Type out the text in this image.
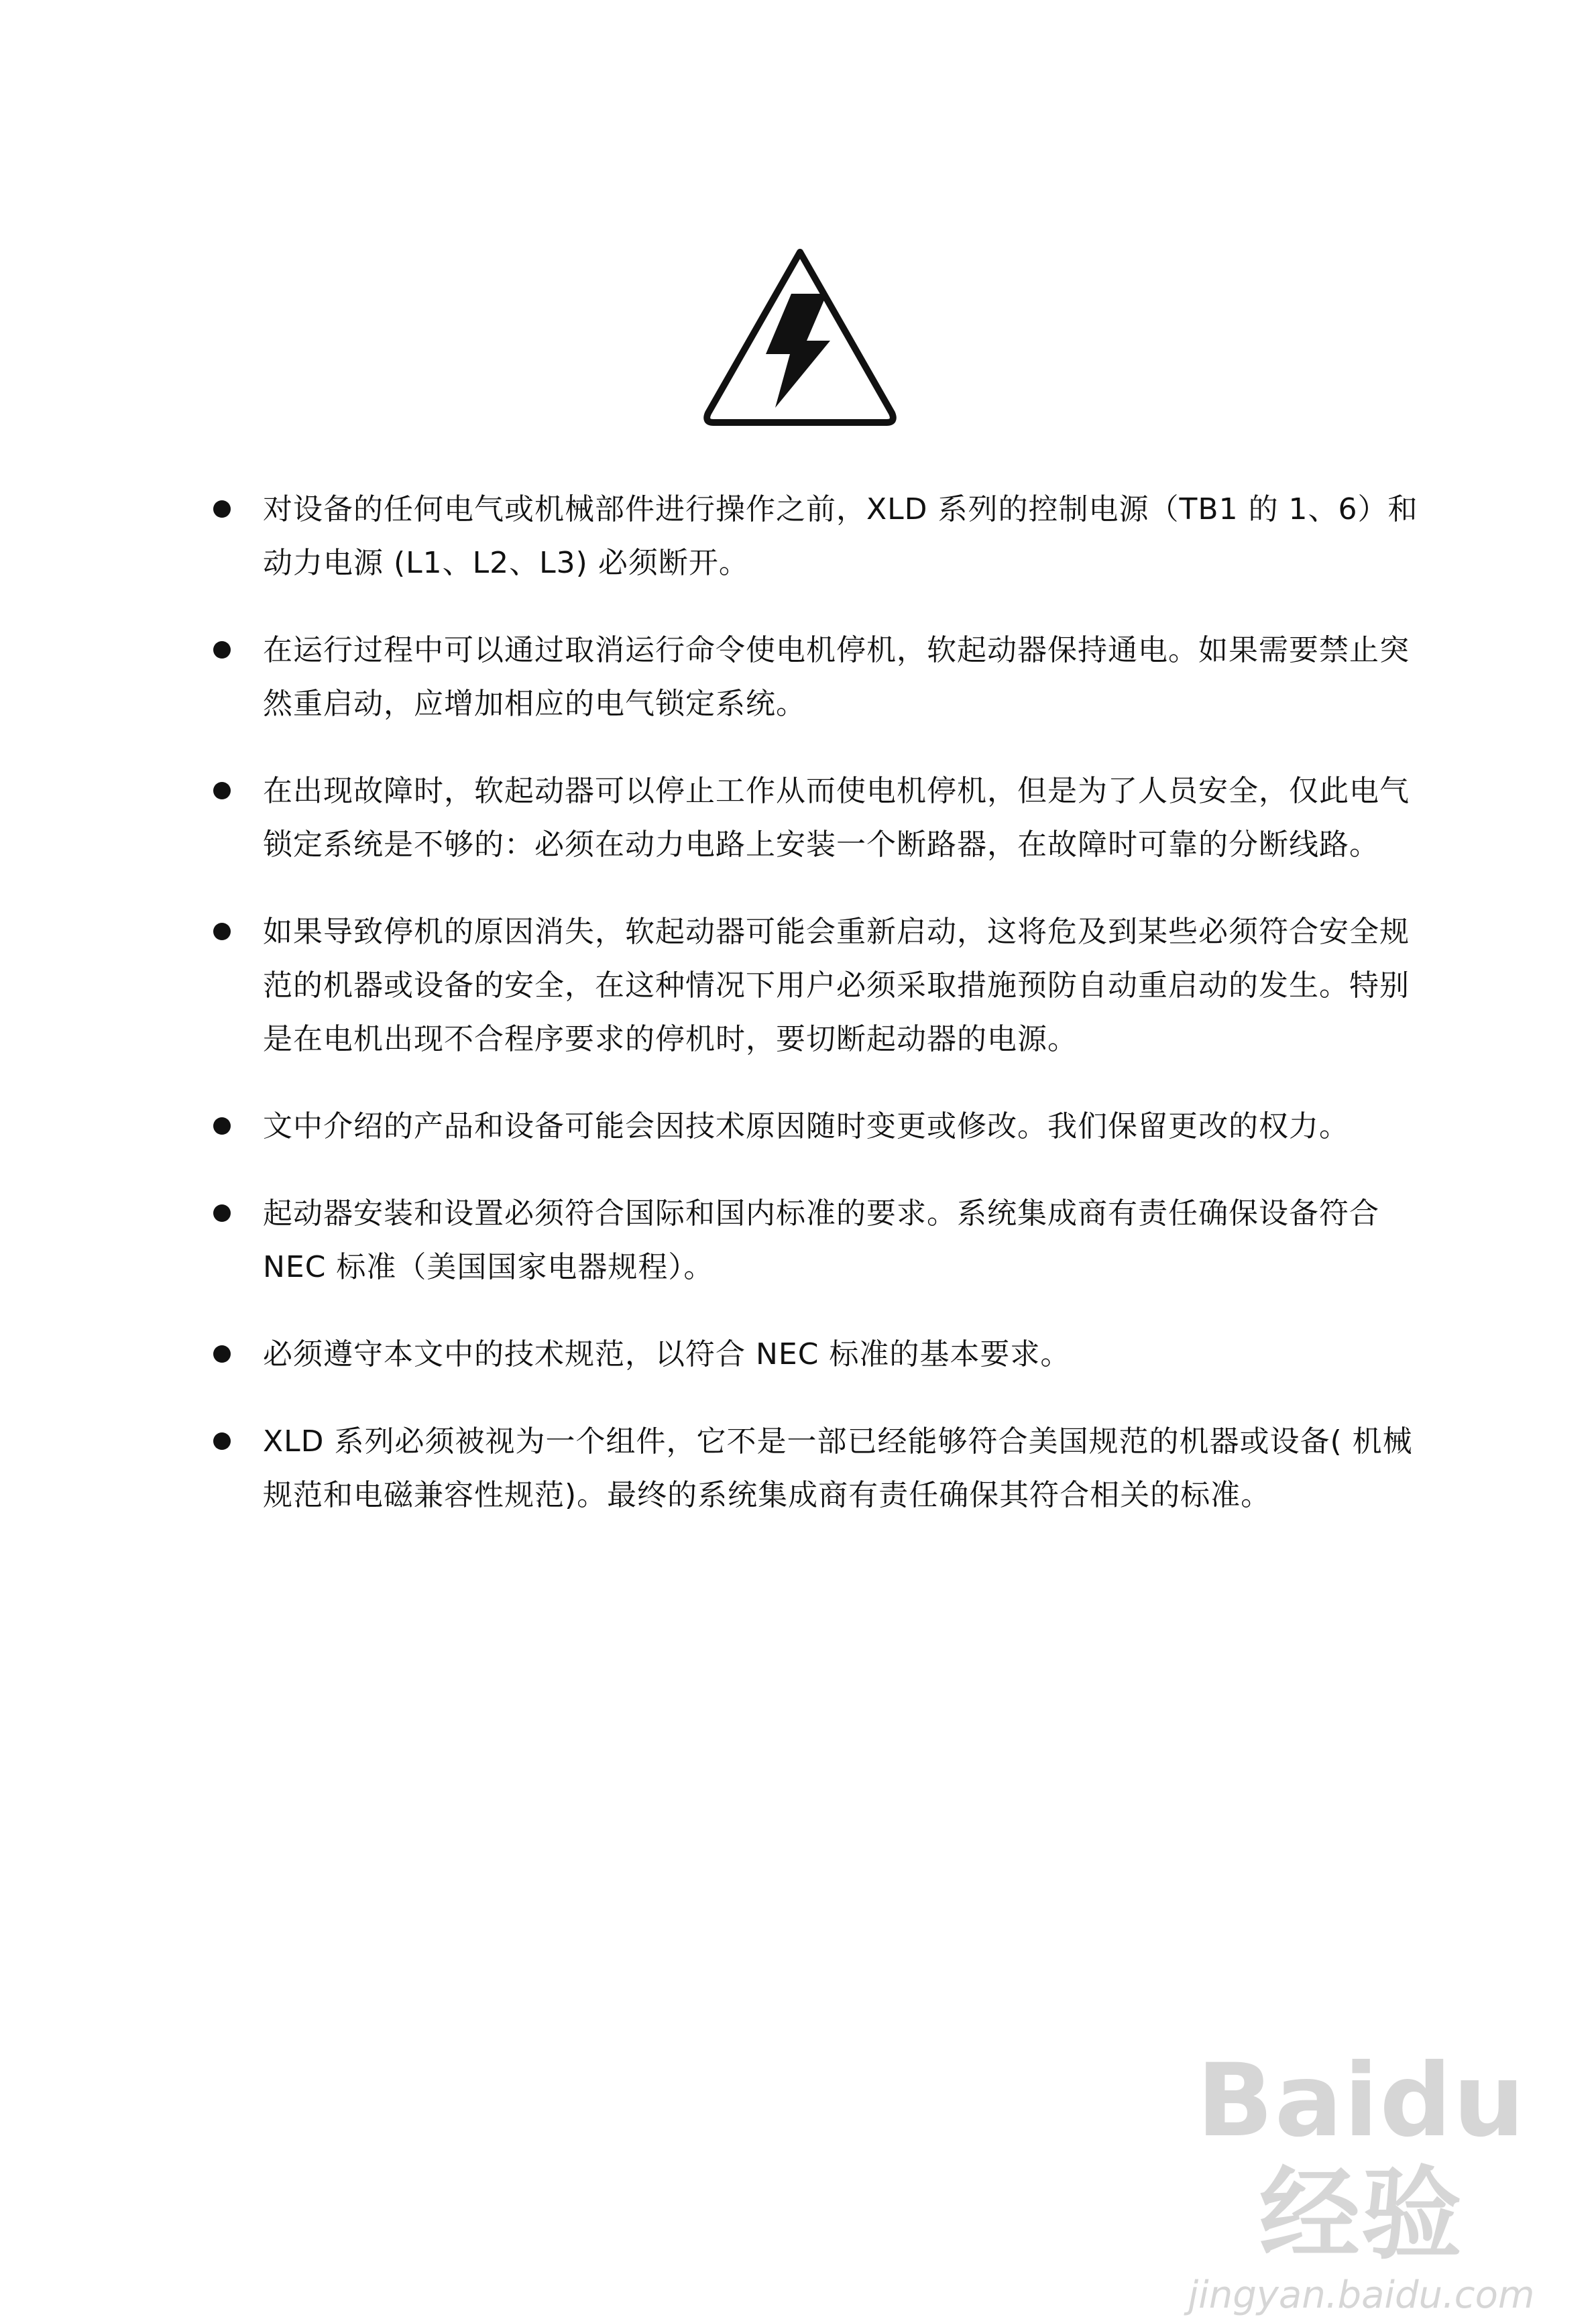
对设备的任何电气或机械部件进行操作之前，XLD 系列的控制电源（TB1 的 1、6）和动力电源 (L1、L2、L3) 必须断开。
在运行过程中可以通过取消运行命令使电机停机，软起动器保持通电。如果需要禁止突然重启动，应增加相应的电气锁定系统。
在出现故障时，软起动器可以停止工作从而使电机停机，但是为了人员安全，仅此电气锁定系统是不够的：必须在动力电路上安装一个断路器，在故障时可靠的分断线路。
如果导致停机的原因消失，软起动器可能会重新启动，这将危及到某些必须符合安全规范的机器或设备的安全，在这种情况下用户必须采取措施预防自动重启动的发生。特别是在电机出现不合程序要求的停机时，要切断起动器的电源。
文中介绍的产品和设备可能会因技术原因随时变更或修改。我们保留更改的权力。
起动器安装和设置必须符合国际和国内标准的要求。系统集成商有责任确保设备符合 NEC 标准（美国国家电器规程）。
必须遵守本文中的技术规范，以符合 NEC 标准的基本要求。
XLD 系列必须被视为一个组件，它不是一部已经能够符合美国规范的机器或设备( 机械规范和电磁兼容性规范)。最终的系统集成商有责任确保其符合相关的标准。
Baidu经验
jingyan.baidu.com
